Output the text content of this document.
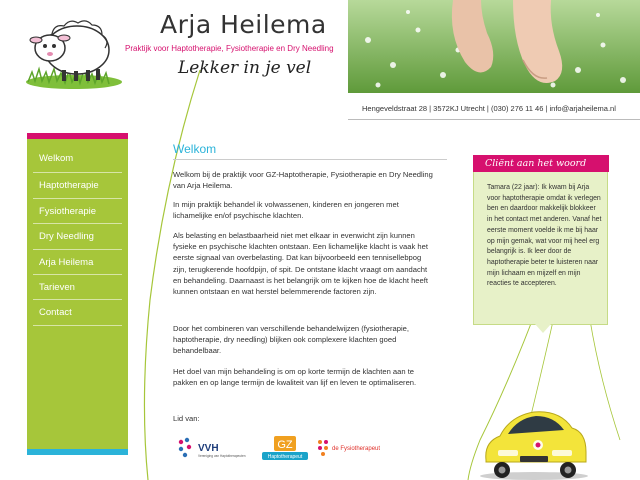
Arja Heilema
Praktijk voor Haptotherapie, Fysiotherapie en Dry Needling
Lekker in je vel
Hengeveldstraat 28 | 3572KJ Utrecht | (030) 276 11 46 | info@arjaheilema.nl
Welkom
Haptotherapie
Fysiotherapie
Dry Needling
Arja Heilema
Tarieven
Contact
Welkom
Welkom bij de praktijk voor GZ-Haptotherapie, Fysiotherapie en Dry Needling van Arja Heilema.
In mijn praktijk behandel ik volwassenen, kinderen en jongeren met lichamelijke en/of psychische klachten.
Als belasting en belastbaarheid niet met elkaar in evenwicht zijn kunnen fysieke en psychische klachten ontstaan. Een lichamelijke klacht is vaak het eerste signaal van overbelasting. Dat kan bijvoorbeeld een tennisellebpog zijn, terugkerende hoofdpijn, of spit. De ontstane klacht vraagt om aandacht en behandeling. Daarnaast is het belangrijk om te kijken hoe de klacht heeft kunnen ontstaan en wat herstel belemmerende factoren zijn.
Door het combineren van verschillende behandelwijzen (fysiotherapie, haptotherapie, dry needling) blijken ook complexere klachten goed behandelbaar.
Het doel van mijn behandeling is om op korte termijn de klachten aan te pakken en op lange termijn de kwaliteit van lijf en leven te optimaliseren.
Lid van:
VVH
Vereniging van Haptotherapeuten
GZ
Haptotherapeut
de Fysiotherapeut
Cliënt aan het woord
Tamara (22 jaar): Ik kwam bij Arja voor haptotherapie omdat ik verlegen ben en daardoor makkelijk blokkeer in het contact met anderen. Vanaf het eerste moment voelde ik me bij haar op mijn gemak, wat voor mij heel erg belangrijk is. Ik leer door de haptotherapie beter te luisteren naar mijn lichaam en mijzelf en mijn reacties te accepteren.
